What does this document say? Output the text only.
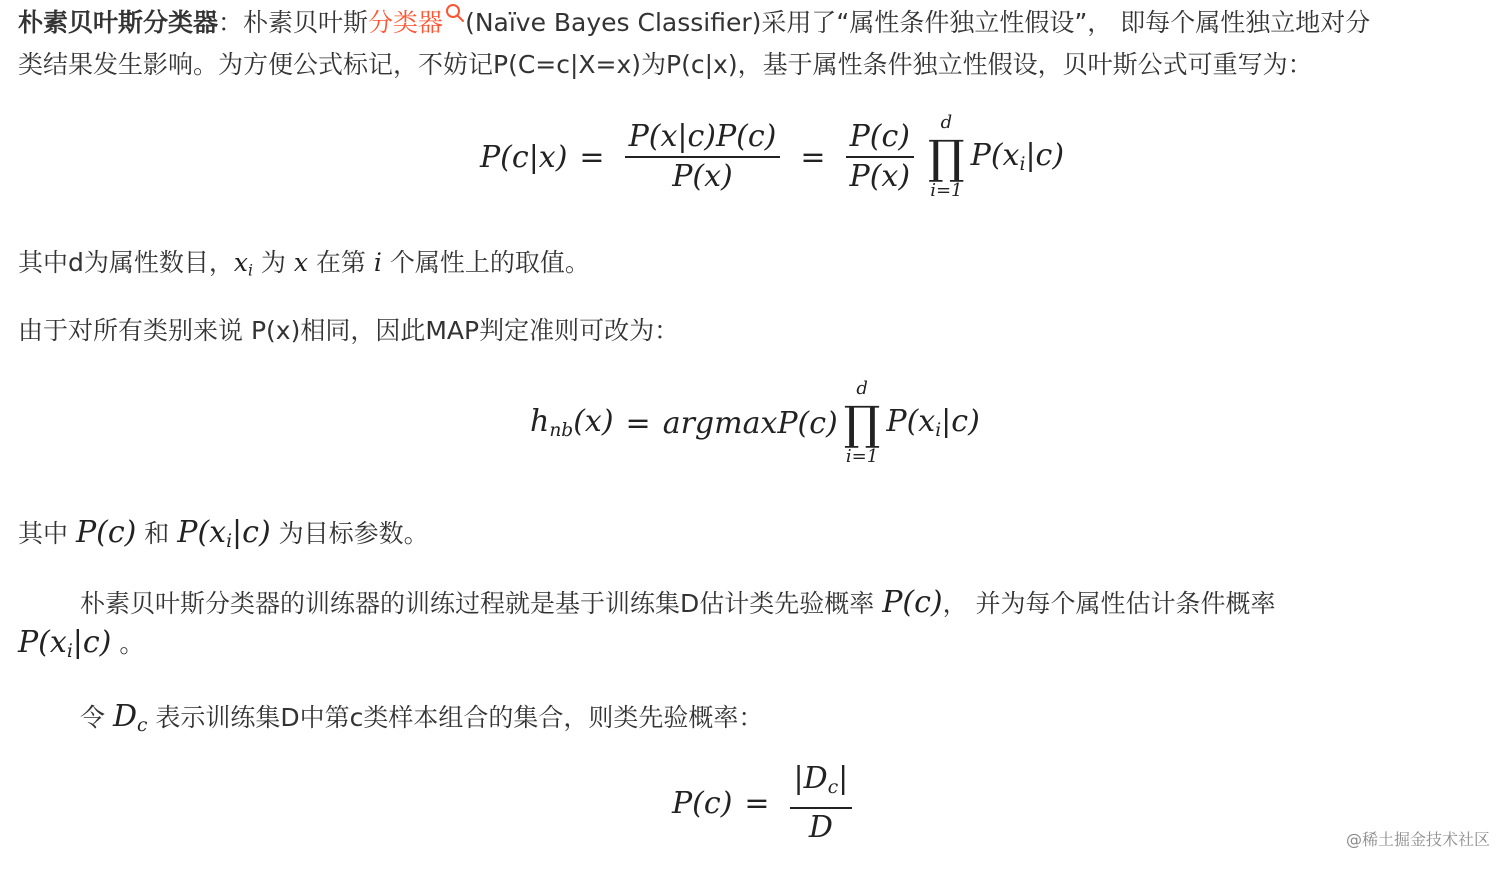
朴素贝叶斯分类器：朴素贝叶斯分类器 (Naïve Bayes Classifier)采用了“属性条件独立性假设”， 即每个属性独立地对分
类结果发生影响。为方便公式标记，不妨记P(C=c|X=x)为P(c|x)，基于属性条件独立性假设，贝叶斯公式可重写为：
$P(c|x) = \frac{P(x|c)P(c)}{P(x)} = \frac{P(c)}{P(x)}$ d
∏
i=1
$P(x_i|c)$
其中d为属性数目，$x_i$ 为 x 在第 i 个属性上的取值。
由于对所有类别来说 P(x)相同，因此MAP判定准则可改为：
$h_{nb}(x) = argmaxP(c)$
d
∏
i=1
$P(x_i|c)$
其中 P(c) 和 $P(x_i|c)$ 为目标参数。
朴素贝叶斯分类器的训练器的训练过程就是基于训练集D估计类先验概率 P(c)， 并为每个属性估计条件概率
$P(x_i|c)$ 。
令 $D_c$ 表示训练集D中第c类样本组合的集合，则类先验概率：
$P(c) = \frac{|D_c|}{D}$	@稀土掘金技术社区
